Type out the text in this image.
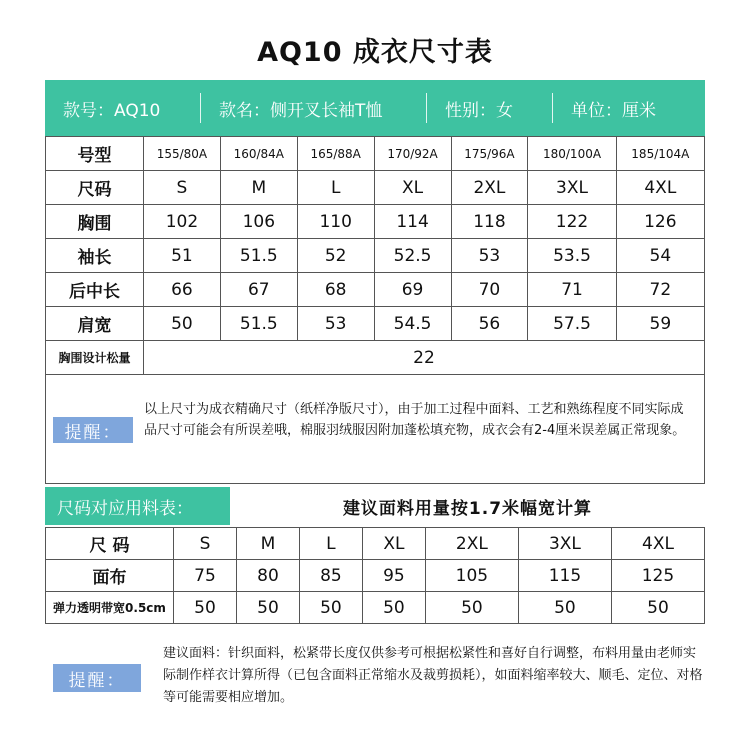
AQ10 成衣尺寸表
款号：AQ10	款名：侧开叉长袖T恤	性别：女	单位：厘米
号型	155/80A	160/84A	165/88A	170/92A	175/96A	180/100A	185/104A
尺码	S	M	L	XL	2XL	3XL	4XL
胸围	102	106	110	114	118	122	126
袖长	51	51.5	52	52.5	53	53.5	54
后中长	66	67	68	69	70	71	72
肩宽	50	51.5	53	54.5	56	57.5	59
胸围设计松量	22						
提醒：
以上尺寸为成衣精确尺寸（纸样净版尺寸），由于加工过程中面料、工艺和熟练程度不同实际成品尺寸可能会有所误差哦，棉服羽绒服因附加蓬松填充物，成衣会有2-4厘米误差属正常现象。
尺码对应用料表：	建议面料用量按1.7米幅宽计算
尺 码	S	M	L	XL	2XL	3XL	4XL
面布	75	80	85	95	105	115	125
弹力透明带宽0.5cm	50	50	50	50	50	50	50
提醒：
建议面料：针织面料，松紧带长度仅供参考可根据松紧性和喜好自行调整，布料用量由老师实际制作样衣计算所得（已包含面料正常缩水及裁剪损耗），如面料缩率较大、顺毛、定位、对格等可能需要相应增加。
